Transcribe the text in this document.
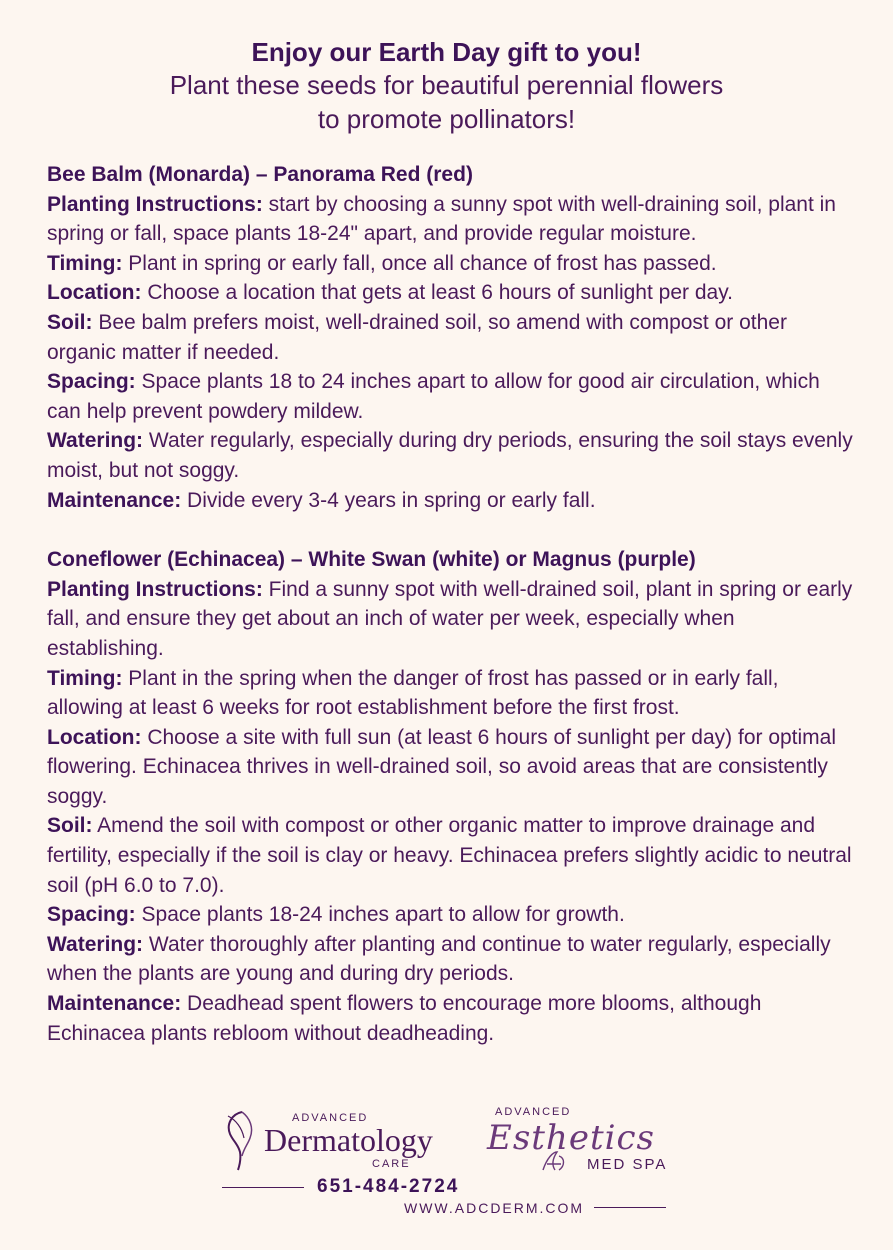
Enjoy our Earth Day gift to you!
Plant these seeds for beautiful perennial flowers
to promote pollinators!
Bee Balm (Monarda) – Panorama Red (red)

Planting Instructions: start by choosing a sunny spot with well-draining soil, plant in spring or fall, space plants 18-24" apart, and provide regular moisture.

Timing: Plant in spring or early fall, once all chance of frost has passed.

Location: Choose a location that gets at least 6 hours of sunlight per day.

Soil: Bee balm prefers moist, well-drained soil, so amend with compost or other organic matter if needed.

Spacing: Space plants 18 to 24 inches apart to allow for good air circulation, which can help prevent powdery mildew.

Watering: Water regularly, especially during dry periods, ensuring the soil stays evenly moist, but not soggy.

Maintenance: Divide every 3-4 years in spring or early fall.

Coneflower (Echinacea) – White Swan (white) or Magnus (purple)

Planting Instructions: Find a sunny spot with well-drained soil, plant in spring or early fall, and ensure they get about an inch of water per week, especially when establishing.

Timing: Plant in the spring when the danger of frost has passed or in early fall, allowing at least 6 weeks for root establishment before the first frost.

Location: Choose a site with full sun (at least 6 hours of sunlight per day) for optimal flowering. Echinacea thrives in well-drained soil, so avoid areas that are consistently soggy.

Soil: Amend the soil with compost or other organic matter to improve drainage and fertility, especially if the soil is clay or heavy. Echinacea prefers slightly acidic to neutral soil (pH 6.0 to 7.0).

Spacing: Space plants 18-24 inches apart to allow for growth.

Watering: Water thoroughly after planting and continue to water regularly, especially when the plants are young and during dry periods.

Maintenance: Deadhead spent flowers to encourage more blooms, although Echinacea plants rebloom without deadheading.

ADVANCED
Dermatology
CARE
ADVANCED
Esthetics
MED SPA
651-484-2724
WWW.ADCDERM.COM
